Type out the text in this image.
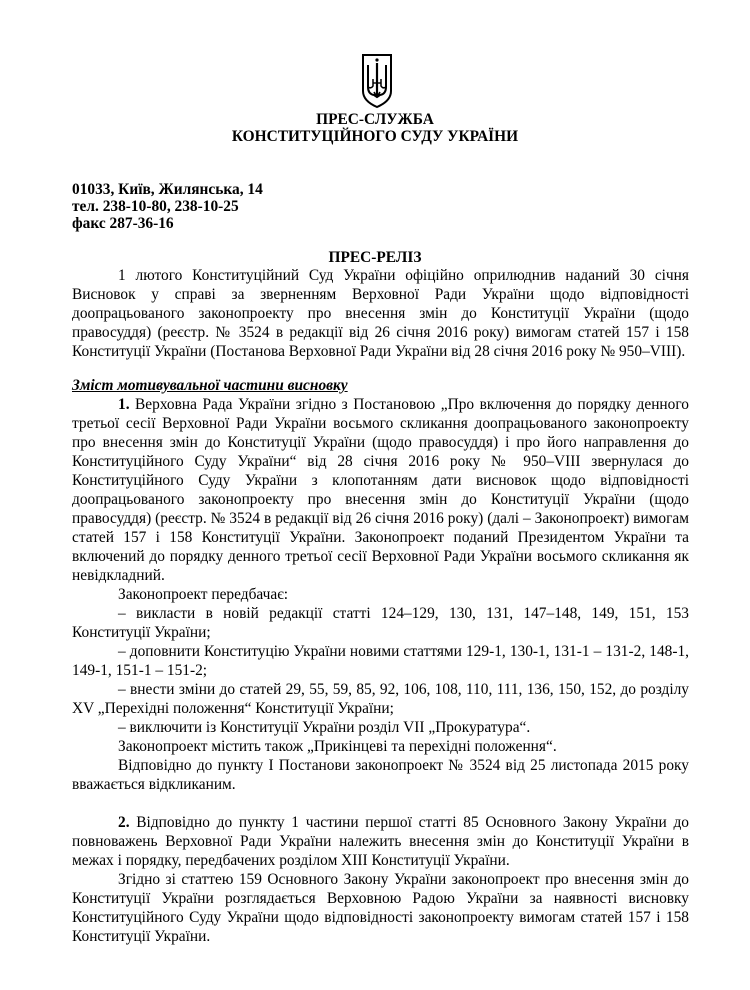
ПРЕС-СЛУЖБА
КОНСТИТУЦІЙНОГО СУДУ УКРАЇНИ
01033, Київ, Жилянська, 14
тел. 238-10-80, 238-10-25
факс 287-36-16
ПРЕС-РЕЛІЗ

1 лютого Конституційний Суд України офіційно оприлюднив наданий 30 січня Висновок у справі за зверненням Верховної Ради України щодо відповідності доопрацьованого законопроекту про внесення змін до Конституції України (щодо правосуддя) (реєстр. № 3524 в редакції від 26 січня 2016 року) вимогам статей 157 і 158 Конституції України (Постанова Верховної Ради України від 28 січня 2016 року № 950–VIII).

Зміст мотивувальної частини висновку

1. Верховна Рада України згідно з Постановою „Про включення до порядку денного третьої сесії Верховної Ради України восьмого скликання доопрацьованого законопроекту про внесення змін до Конституції України (щодо правосуддя) і про його направлення до Конституційного Суду України“ від 28 січня 2016 року № 950–VIII звернулася до Конституційного Суду України з клопотанням дати висновок щодо відповідності доопрацьованого законопроекту про внесення змін до Конституції України (щодо правосуддя) (реєстр. № 3524 в редакції від 26 січня 2016 року) (далі – Законопроект) вимогам статей 157 і 158 Конституції України. Законопроект поданий Президентом України та включений до порядку денного третьої сесії Верховної Ради України восьмого скликання як невідкладний.

Законопроект передбачає:

– викласти в новій редакції статті 124–129, 130, 131, 147–148, 149, 151, 153 Конституції України;

– доповнити Конституцію України новими статтями 129-1, 130-1, 131-1 – 131-2, 148-1, 149-1, 151-1 – 151-2;

– внести зміни до статей 29, 55, 59, 85, 92, 106, 108, 110, 111, 136, 150, 152, до розділу XV „Перехідні положення“ Конституції України;

– виключити із Конституції України розділ VII „Прокуратура“.

Законопроект містить також „Прикінцеві та перехідні положення“.

Відповідно до пункту I Постанови законопроект № 3524 від 25 листопада 2015 року вважається відкликаним.

2. Відповідно до пункту 1 частини першої статті 85 Основного Закону України до повноважень Верховної Ради України належить внесення змін до Конституції України в межах і порядку, передбачених розділом XIII Конституції України.

Згідно зі статтею 159 Основного Закону України законопроект про внесення змін до Конституції України розглядається Верховною Радою України за наявності висновку Конституційного Суду України щодо відповідності законопроекту вимогам статей 157 і 158 Конституції України.
